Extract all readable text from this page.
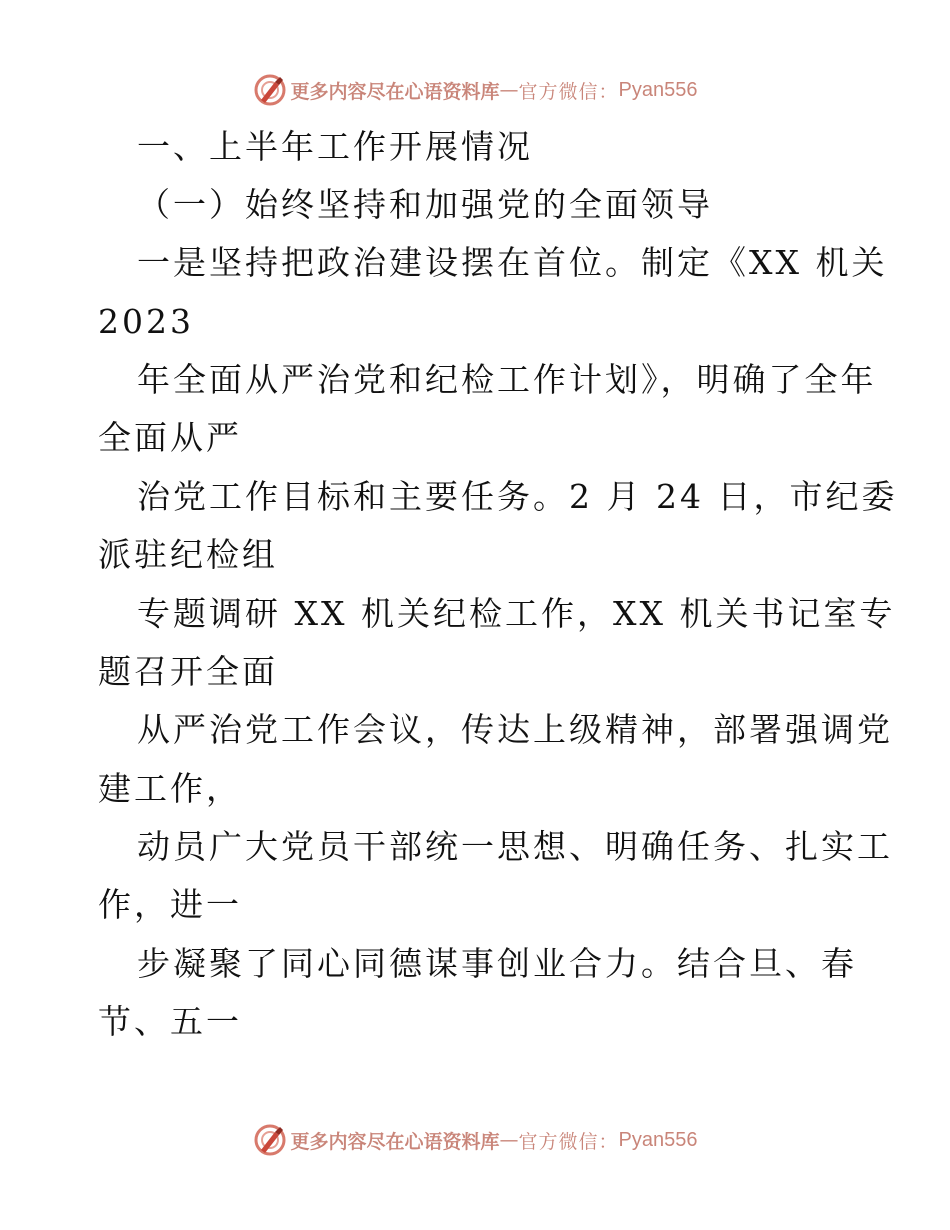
更多内容尽在心语资料库 — 官方微信： Pyan556

一、上半年工作开展情况

（一）始终坚持和加强党的全面领导

一是坚持把政治建设摆在首位。制定《XX 机关

2023

年全面从严治党和纪检工作计划》，明确了全年

全面从严

治党工作目标和主要任务。2 月 24 日，市纪委

派驻纪检组

专题调研 XX 机关纪检工作，XX 机关书记室专

题召开全面

从严治党工作会议，传达上级精神，部署强调党

建工作，

动员广大党员干部统一思想、明确任务、扎实工

作，进一

步凝聚了同心同德谋事创业合力。结合旦、春

节、五一

更多内容尽在心语资料库 — 官方微信： Pyan556
